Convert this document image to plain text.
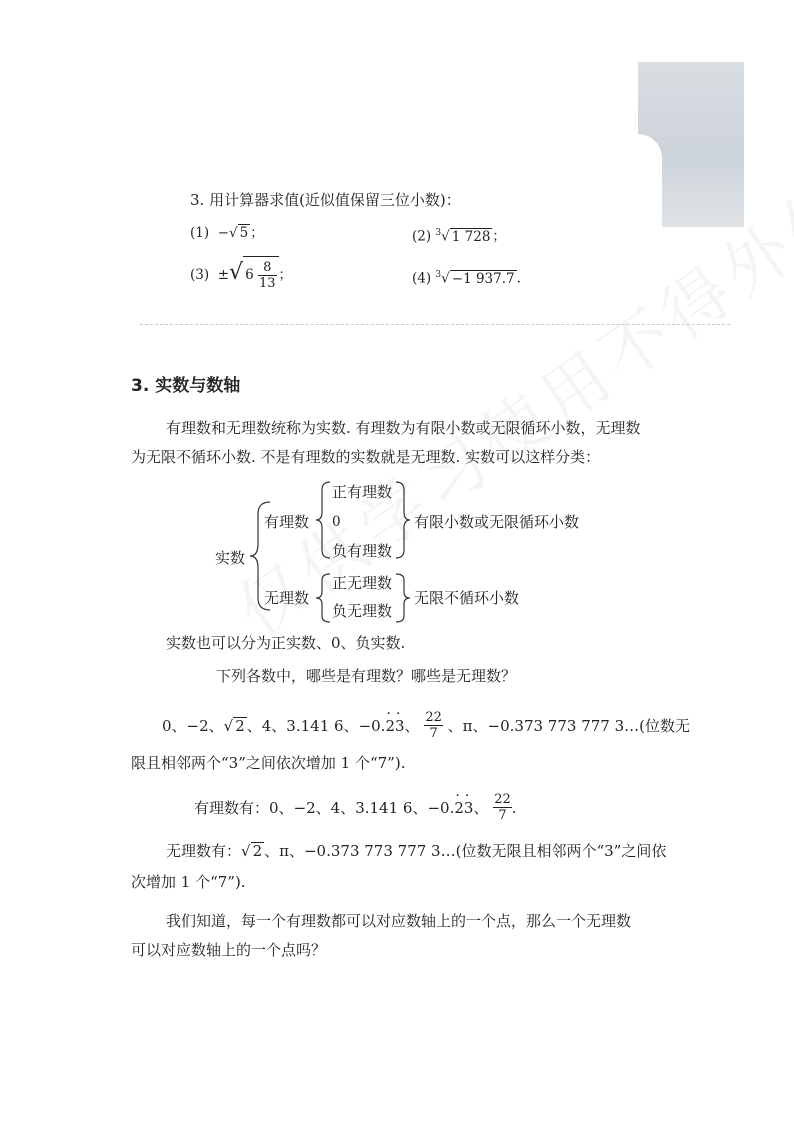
3. 用计算器求值(近似值保留三位小数)：
(1) −√ 5 ；	(2) $^3$√ 1 728 ；
(3) ±√ 6
$\frac{8}{13}$ ；	(4) $^3$√ −1 937.7 .
3. 实数与数轴
有理数和无理数统称为实数. 有理数为有限小数或无限循环小数，无理数
为无限不循环小数. 不是有理数的实数就是无理数. 实数可以这样分类：
实数
有理数
正有理数
0
负有理数
有限小数或无限循环小数
无理数
正无理数
负无理数
无限不循环小数
实数也可以分为正实数、0、负实数.
下列各数中，哪些是有理数？哪些是无理数？
0、−2、 √ 2 、4、3.141 6、−0. · 2 · 3 、
$\frac{22}{7}$
、π、−0.373 773 777 3…(位数无
限且相邻两个“3”之间依次增加 1 个“7”).
有理数有：0、−2、4、3.141 6、−0. · 2 · 3 、
$\frac{22}{7}$ .
无理数有： √ 2 、π、−0.373 773 777 3…(位数无限且相邻两个“3”之间依
次增加 1 个“7”).
我们知道，每一个有理数都可以对应数轴上的一个点，那么一个无理数
可以对应数轴上的一个点吗？
